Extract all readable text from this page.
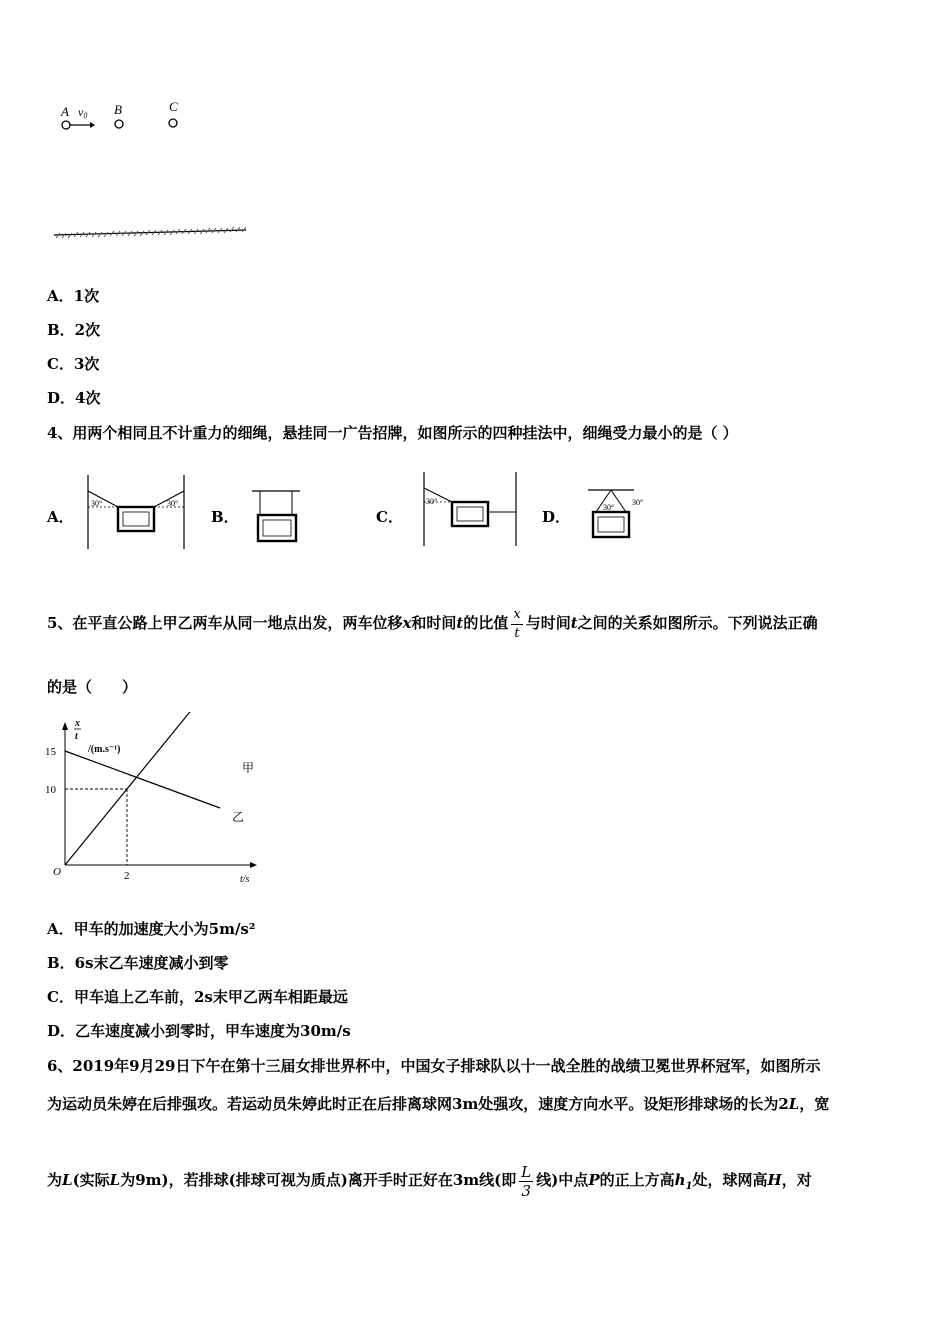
A v0 B	C
A．1次
B．2次
C．3次
D．4次
4、用两个相同且不计重力的细绳，悬挂同一广告招牌，如图所示的四种挂法中，细绳受力最小的是（ ）
A．
30°	30°
B．	C．
30°
D．
30°
30°
5、在平直公路上甲乙两车从同一地点出发，两车位移x和时间t的比值 $\frac{x}{t}$ 与时间t之间的关系如图所示。下列说法正确
的是（　　）
x
t
/(m.s⁻¹)
t/s
O
15
10
2
甲
乙
A．甲车的加速度大小为5m/s²
B．6s末乙车速度减小到零
C．甲车追上乙车前，2s末甲乙两车相距最远
D．乙车速度减小到零时，甲车速度为30m/s
6、2019年9月29日下午在第十三届女排世界杯中，中国女子排球队以十一战全胜的战绩卫冕世界杯冠军，如图所示
为运动员朱婷在后排强攻。若运动员朱婷此时正在后排离球网3m处强攻，速度方向水平。设矩形排球场的长为2L，宽
为L(实际L为9m)，若排球(排球可视为质点)离开手时正好在3m线(即 $\frac{L}{3}$ 线)中点P的正上方高$h_1$处，球网高H，对
